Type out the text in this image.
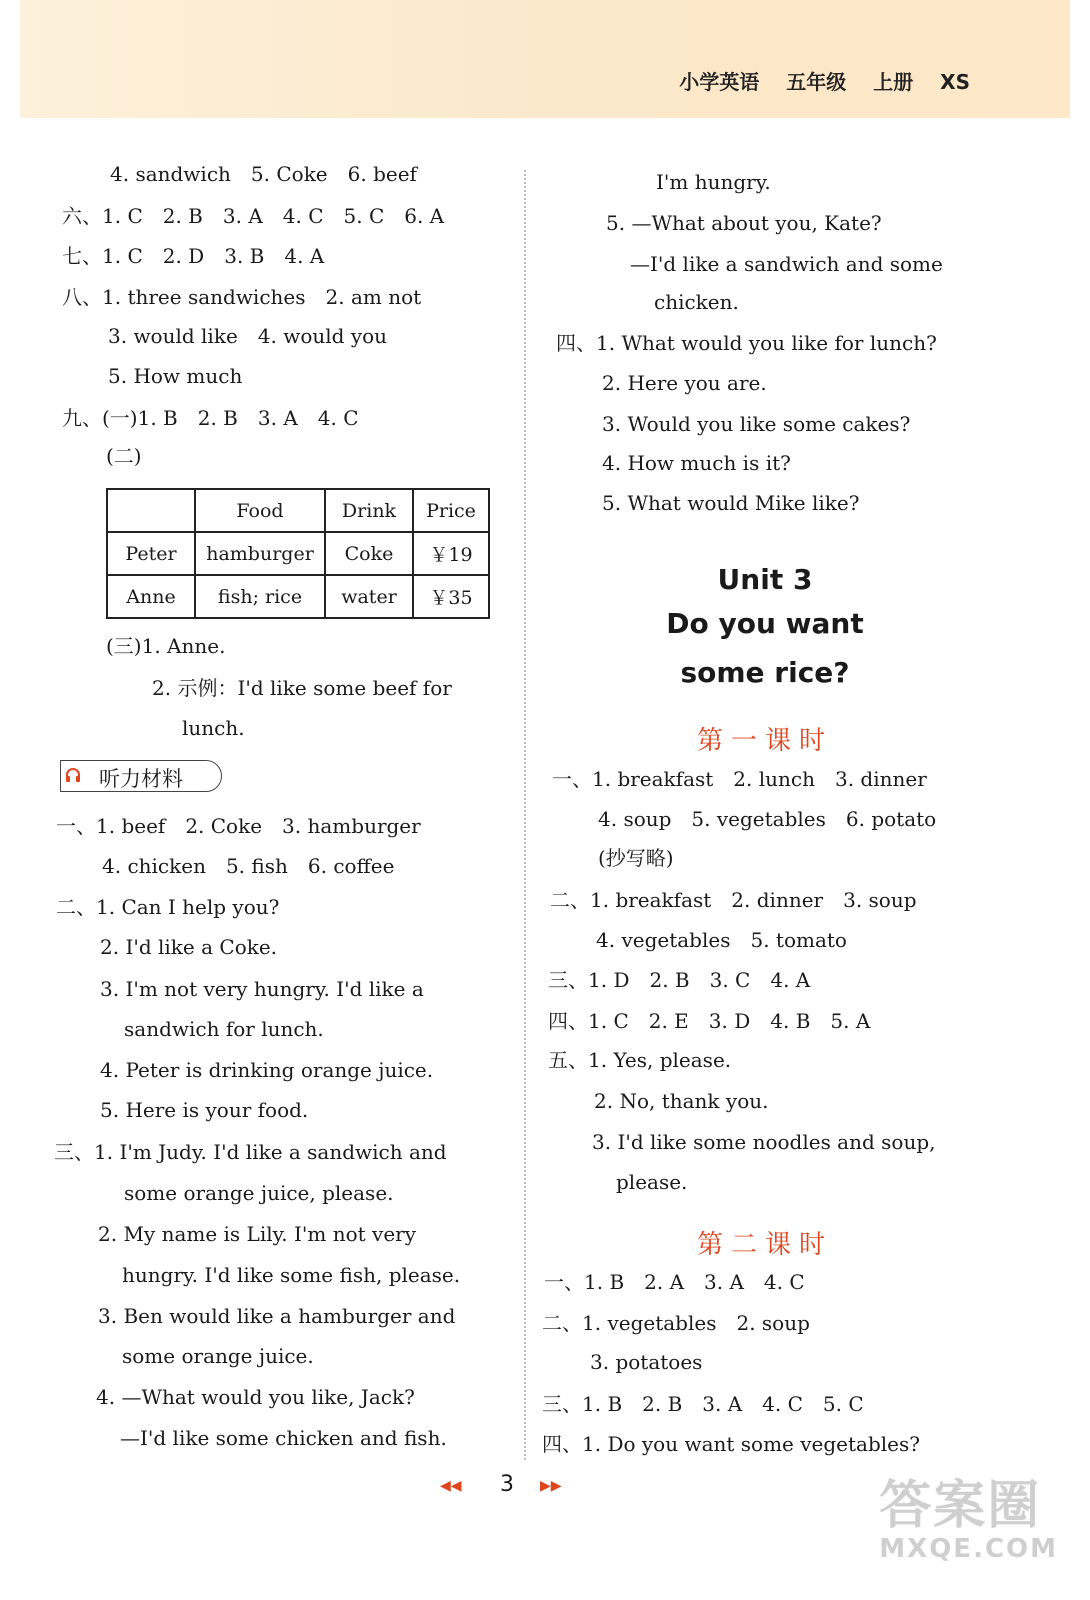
小学英语 五年级 上册 XS
4. sandwich　5. Coke　6. beef
六、1. C　2. B　3. A　4. C　5. C　6. A
七、1. C　2. D　3. B　4. A
八、1. three sandwiches　2. am not
3. would like　4. would you
5. How much
九、(一)1. B　2. B　3. A　4. C
(二)
	Food	Drink	Price
Peter	hamburger	Coke	￥19
Anne	fish; rice	water	￥35
(三)1. Anne.
2. 示例：I'd like some beef for
lunch.
听力材料
一、1. beef　2. Coke　3. hamburger
4. chicken　5. fish　6. coffee
二、1. Can I help you?
2. I'd like a Coke.
3. I'm not very hungry. I'd like a
sandwich for lunch.
4. Peter is drinking orange juice.
5. Here is your food.
三、1. I'm Judy. I'd like a sandwich and
some orange juice, please.
2. My name is Lily. I'm not very
hungry. I'd like some fish, please.
3. Ben would like a hamburger and
some orange juice.
4. —What would you like, Jack?
—I'd like some chicken and fish.
I'm hungry.
5. —What about you, Kate?
—I'd like a sandwich and some
chicken.
四、1. What would you like for lunch?
2. Here you are.
3. Would you like some cakes?
4. How much is it?
5. What would Mike like?
Unit 3
Do you want
some rice?
第一课时
一、1. breakfast　2. lunch　3. dinner
4. soup　5. vegetables　6. potato
(抄写略)
二、1. breakfast　2. dinner　3. soup
4. vegetables　5. tomato
三、1. D　2. B　3. C　4. A
四、1. C　2. E　3. D　4. B　5. A
五、1. Yes, please.
2. No, thank you.
3. I'd like some noodles and soup,
please.
第二课时
一、1. B　2. A　3. A　4. C
二、1. vegetables　2. soup
3. potatoes
三、1. B　2. B　3. A　4. C　5. C
四、1. Do you want some vegetables?
◀◀ 3 ▶▶	答案圈
MXQE.COM
